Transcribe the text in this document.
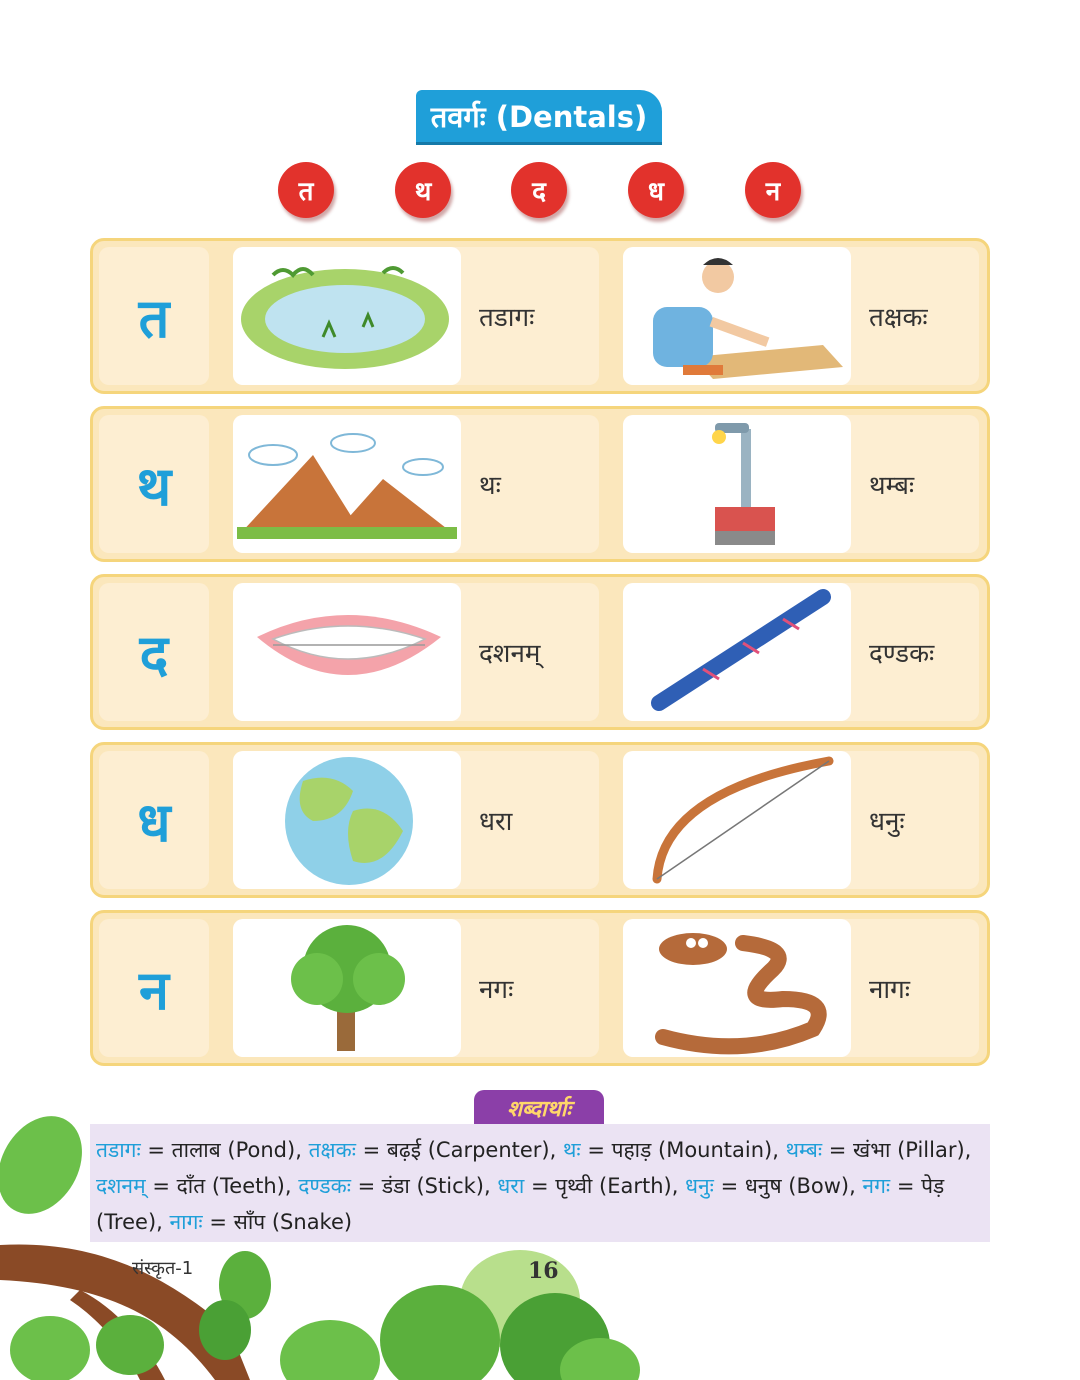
तवर्गः (Dentals)
त	थ	द	ध	न
त	तडागः	तक्षकः
थ	थः	थम्बः
द	दशनम्	दण्डकः
ध	धरा	धनुः
न	नगः	नागः
शब्दार्थाः
तडागः = तालाब (Pond), तक्षकः = बढ़ई (Carpenter), थः = पहाड़ (Mountain), थम्बः = खंभा (Pillar), दशनम् = दाँत (Teeth), दण्डकः = डंडा (Stick), धरा = पृथ्वी (Earth), धनुः = धनुष (Bow), नगः = पेड़ (Tree), नागः = साँप (Snake)
संस्कृत-1	16
